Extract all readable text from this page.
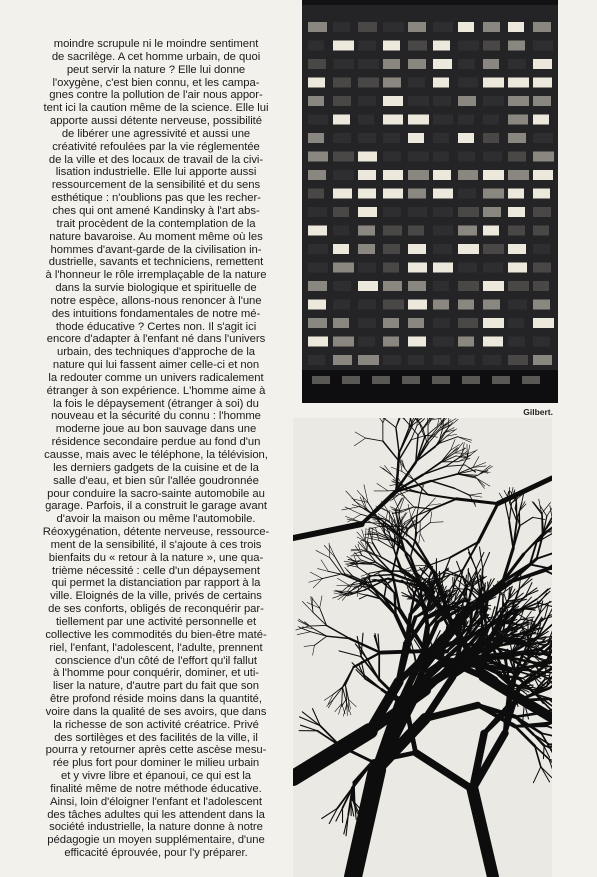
moindre scrupule ni le moindre sentiment
de sacrilège. A cet homme urbain, de quoi
peut servir la nature ? Elle lui donne
l'oxygène, c'est bien connu, et les campa-
gnes contre la pollution de l'air nous appor-
tent ici la caution même de la science. Elle lui
apporte aussi détente nerveuse, possibilité
de libérer une agressivité et aussi une
créativité refoulées par la vie réglementée
de la ville et des locaux de travail de la civi-
lisation industrielle. Elle lui apporte aussi
ressourcement de la sensibilité et du sens
esthétique : n'oublions pas que les recher-
ches qui ont amené Kandinsky à l'art abs-
trait procèdent de la contemplation de la
nature bavaroise. Au moment même où les
hommes d'avant-garde de la civilisation in-
dustrielle, savants et techniciens, remettent
à l'honneur le rôle irremplaçable de la nature
dans la survie biologique et spirituelle de
notre espèce, allons-nous renoncer à l'une
des intuitions fondamentales de notre mé-
thode éducative ? Certes non. Il s'agit ici
encore d'adapter à l'enfant né dans l'univers
urbain, des techniques d'approche de la
nature qui lui fassent aimer celle-ci et non
la redouter comme un univers radicalement
étranger à son expérience. L'homme aime à
la fois le dépaysement (étranger à soi) du
nouveau et la sécurité du connu : l'homme
moderne joue au bon sauvage dans une
résidence secondaire perdue au fond d'un
causse, mais avec le téléphone, la télévision,
les derniers gadgets de la cuisine et de la
salle d'eau, et bien sûr l'allée goudronnée
pour conduire la sacro-sainte automobile au
garage. Parfois, il a construit le garage avant
d'avoir la maison ou même l'automobile.
Réoxygénation, détente nerveuse, ressource-
ment de la sensibilité, il s'ajoute à ces trois
bienfaits du « retour à la nature », une qua-
trième nécessité : celle d'un dépaysement
qui permet la distanciation par rapport à la
ville. Eloignés de la ville, privés de certains
de ses conforts, obligés de reconquérir par-
tiellement par une activité personnelle et
collective les commodités du bien-être maté-
riel, l'enfant, l'adolescent, l'adulte, prennent
conscience d'un côté de l'effort qu'il fallut
à l'homme pour conquérir, dominer, et uti-
liser la nature, d'autre part du fait que son
être profond réside moins dans la quantité,
voire dans la qualité de ses avoirs, que dans
la richesse de son activité créatrice. Privé
des sortilèges et des facilités de la ville, il
pourra y retourner après cette ascèse mesu-
rée plus fort pour dominer le milieu urbain
et y vivre libre et épanoui, ce qui est la
finalité même de notre méthode éducative.
Ainsi, loin d'éloigner l'enfant et l'adolescent
des tâches adultes qui les attendent dans la
société industrielle, la nature donne à notre
pédagogie un moyen supplémentaire, d'une
efficacité éprouvée, pour l'y préparer.
Gilbert.
